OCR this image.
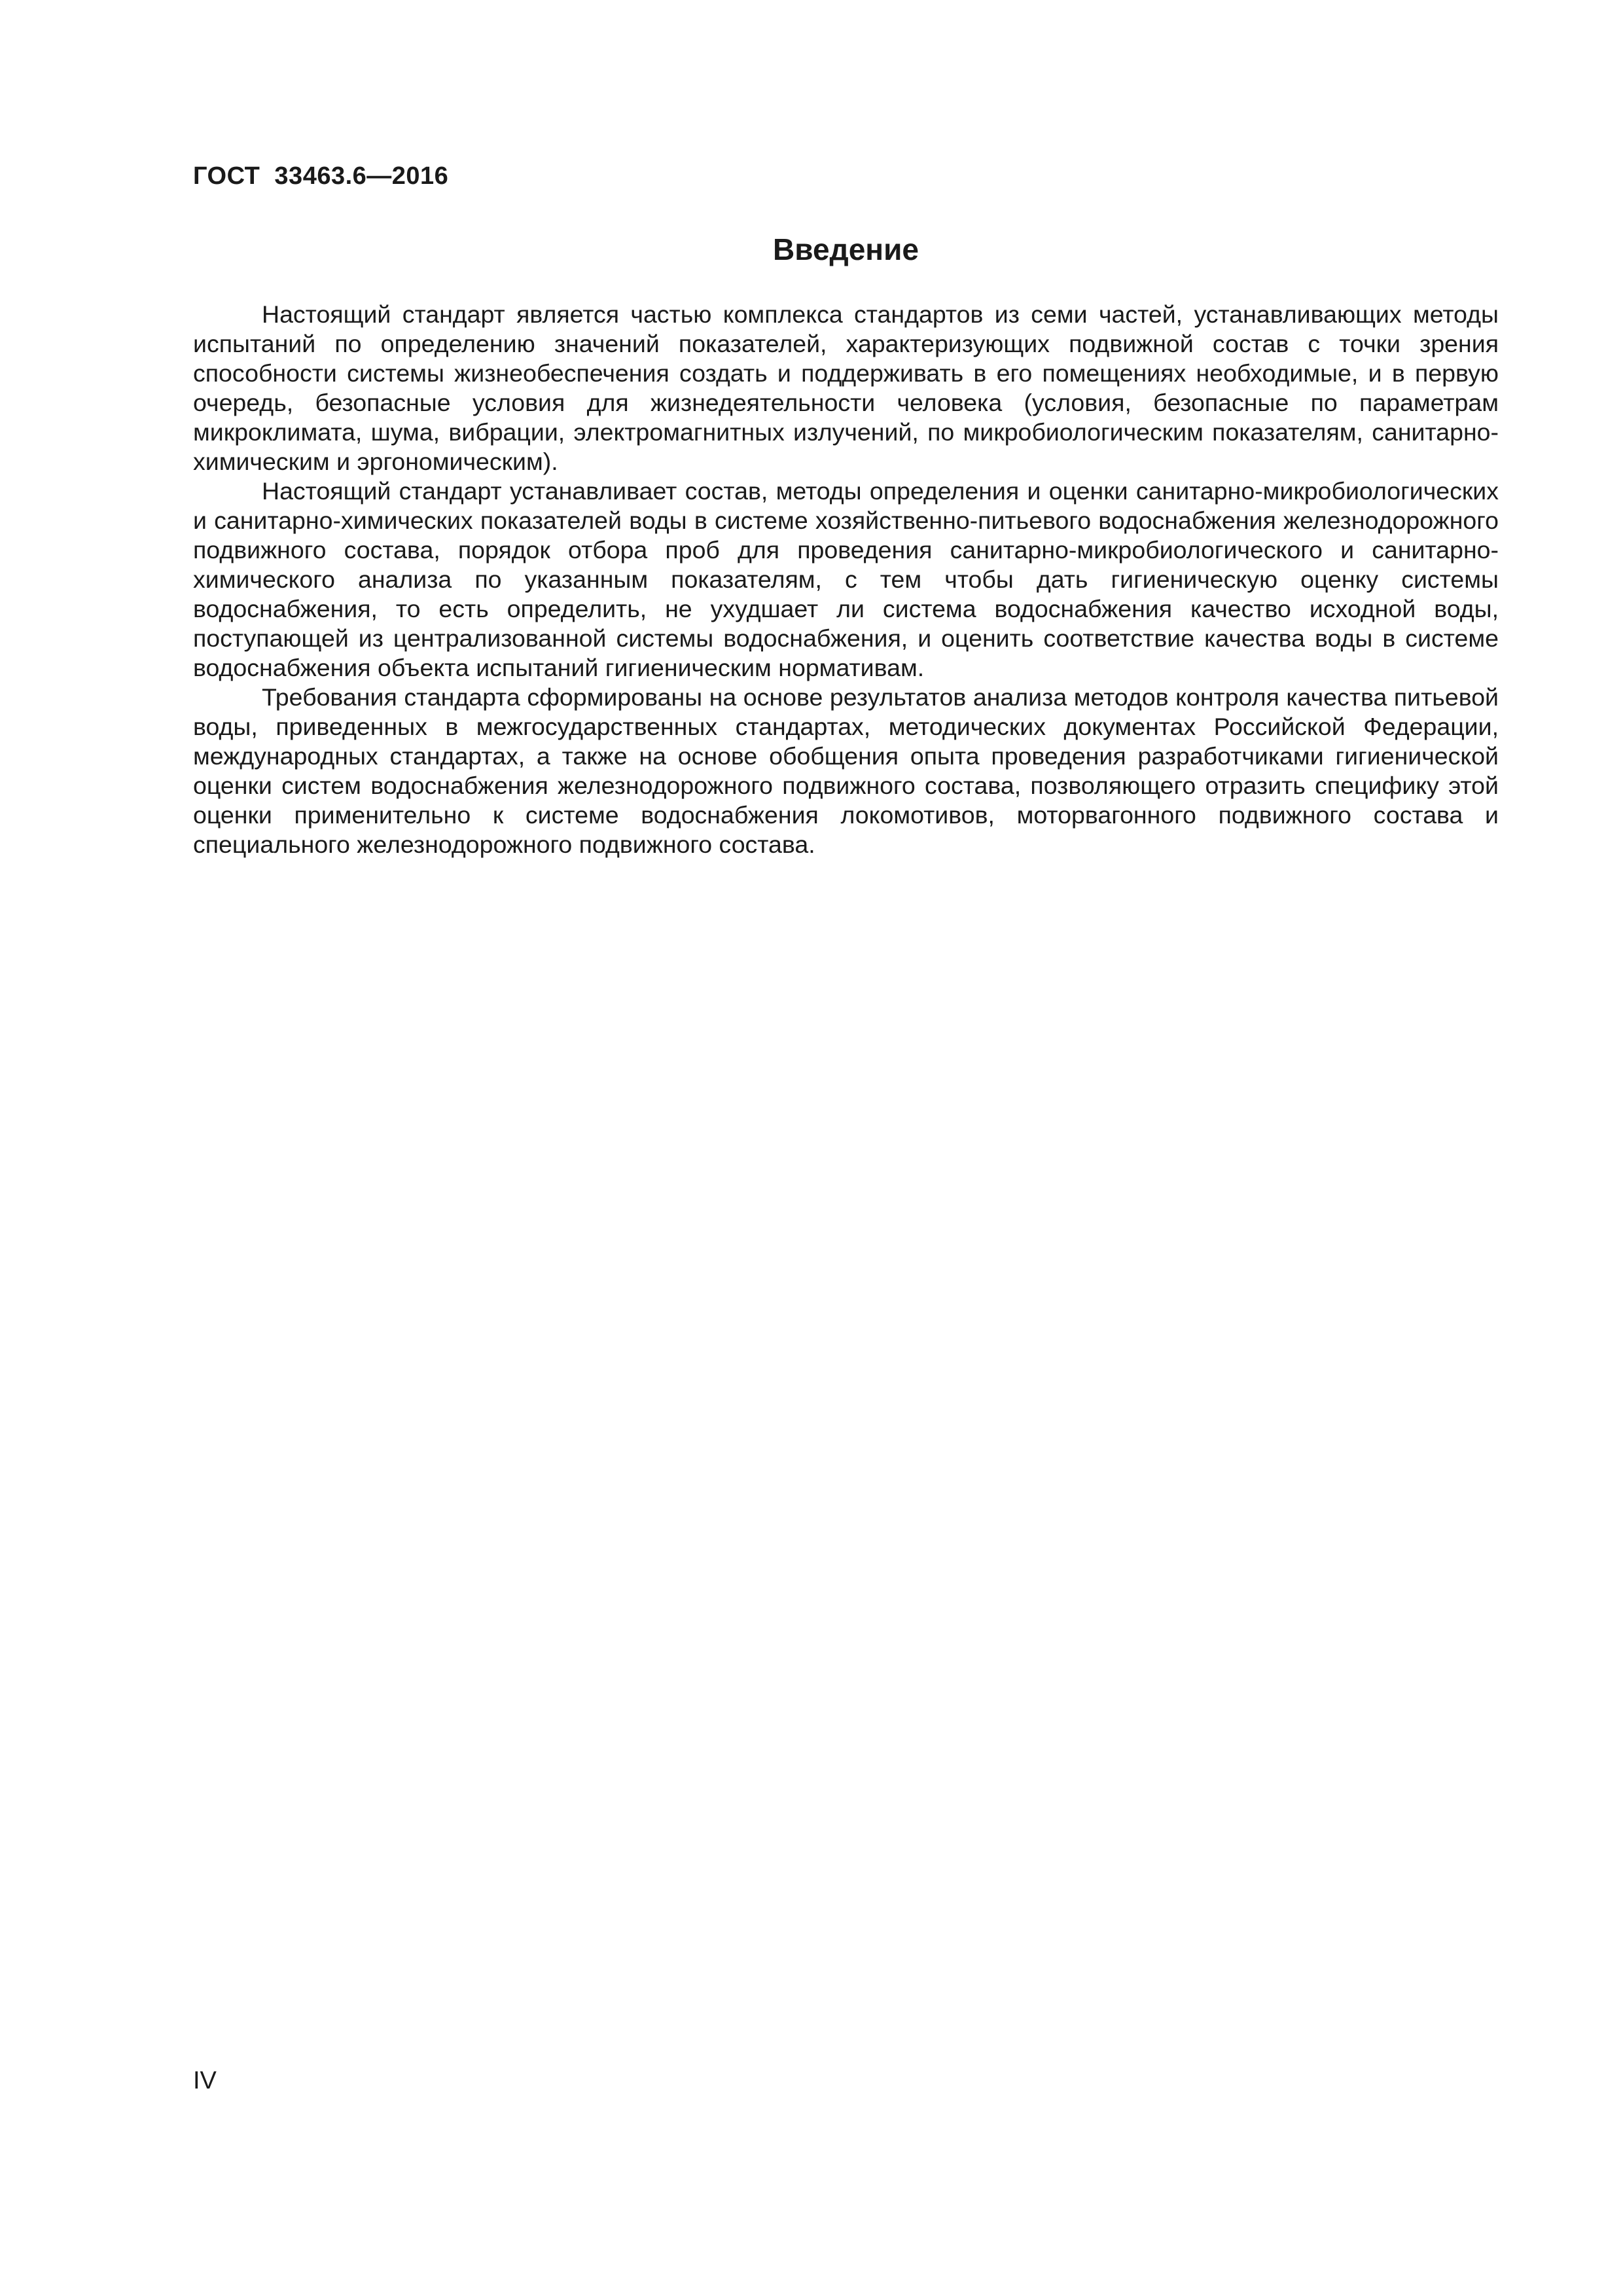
ГОСТ  33463.6—2016
Введение

Настоящий стандарт является частью комплекса стандартов из семи частей, устанавливающих методы испытаний по определению значений показателей, характеризующих подвижной состав с точки зрения способности системы жизнеобеспечения создать и поддерживать в его помещениях необходимые, и в первую очередь, безопасные условия для жизнедеятельности человека (условия, безопасные по параметрам микроклимата, шума, вибрации, электромагнитных излучений, по микробиологическим показателям, санитарно-химическим и эргономическим).

Настоящий стандарт устанавливает состав, методы определения и оценки санитарно-микробиологических и санитарно-химических показателей воды в системе хозяйственно-питьевого водоснабжения железнодорожного подвижного состава, порядок отбора проб для проведения санитарно-микробиологического и санитарно-химического анализа по указанным показателям, с тем чтобы дать гигиеническую оценку системы водоснабжения, то есть определить, не ухудшает ли система водоснабжения качество исходной воды, поступающей из централизованной системы водоснабжения, и оценить соответствие качества воды в системе водоснабжения объекта испытаний гигиеническим нормативам.

Требования стандарта сформированы на основе результатов анализа методов контроля качества питьевой воды, приведенных в межгосударственных стандартах, методических документах Российской Федерации, международных стандартах, а также на основе обобщения опыта проведения разработчиками гигиенической оценки систем водоснабжения железнодорожного подвижного состава, позволяющего отразить специфику этой оценки применительно к системе водоснабжения локомотивов, моторвагонного подвижного состава и специального железнодорожного подвижного состава.

IV
